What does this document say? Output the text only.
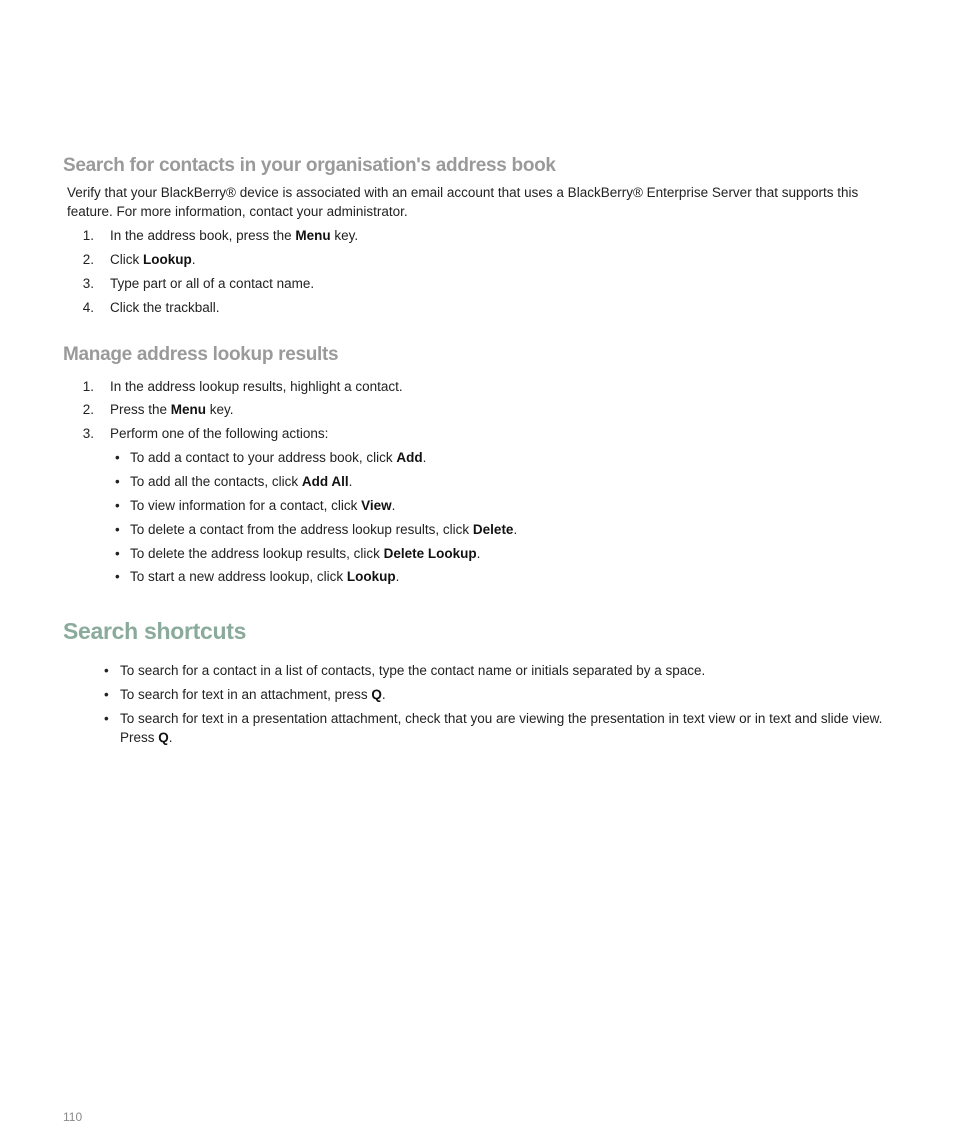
Search for contacts in your organisation's address book

Verify that your BlackBerry® device is associated with an email account that uses a BlackBerry® Enterprise Server that supports this feature. For more information, contact your administrator.

1. In the address book, press the Menu key.
2. Click Lookup.
3. Type part or all of a contact name.
4. Click the trackball.
Manage address lookup results
1. In the address lookup results, highlight a contact.
2. Press the Menu key.
3. Perform one of the following actions:
• To add a contact to your address book, click Add.
• To add all the contacts, click Add All.
• To view information for a contact, click View.
• To delete a contact from the address lookup results, click Delete.
• To delete the address lookup results, click Delete Lookup.
• To start a new address lookup, click Lookup.
Search shortcuts
• To search for a contact in a list of contacts, type the contact name or initials separated by a space.
• To search for text in an attachment, press Q.
• To search for text in a presentation attachment, check that you are viewing the presentation in text view or in text and slide view.
Press Q.
110
